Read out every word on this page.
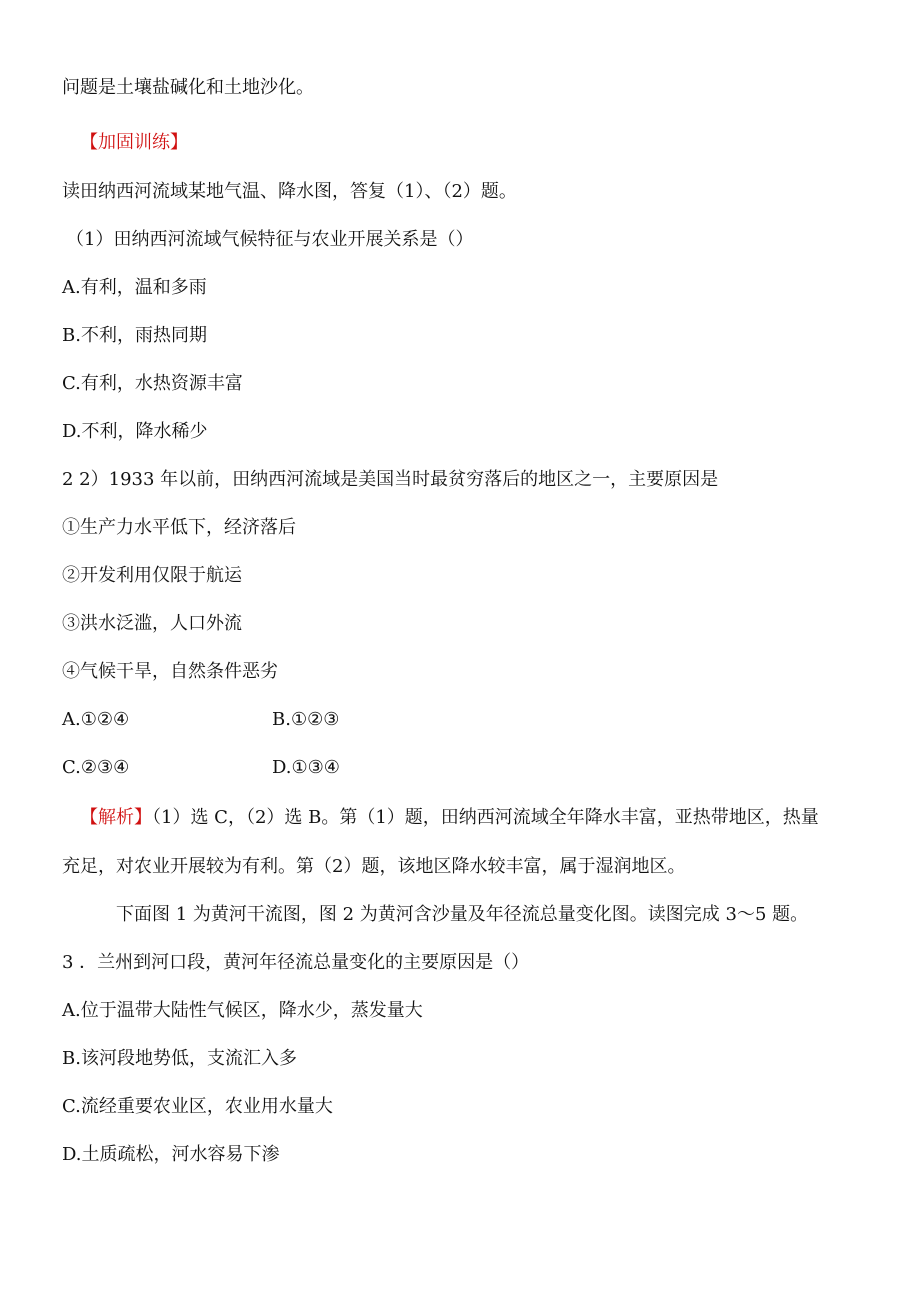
问题是土壤盐碱化和土地沙化。
【加固训练】
读田纳西河流域某地气温、降水图，答复（1）、（2）题。
（1）田纳西河流域气候特征与农业开展关系是（）
A.有利，温和多雨
B.不利，雨热同期
C.有利，水热资源丰富
D.不利，降水稀少
2 2）1933 年以前，田纳西河流域是美国当时最贫穷落后的地区之一，主要原因是
①生产力水平低下，经济落后
②开发利用仅限于航运
③洪水泛滥，人口外流
④气候干旱，自然条件恶劣
A.①②④	B.①②③
C.②③④	D.①③④
【解析】（1）选 C，（2）选 B。第（1）题，田纳西河流域全年降水丰富，亚热带地区，热量
充足，对农业开展较为有利。第（2）题，该地区降水较丰富，属于湿润地区。
下面图 1 为黄河干流图，图 2 为黄河含沙量及年径流总量变化图。读图完成 3～5 题。
3 ．兰州到河口段，黄河年径流总量变化的主要原因是（）
A.位于温带大陆性气候区，降水少，蒸发量大
B.该河段地势低，支流汇入多
C.流经重要农业区，农业用水量大
D.土质疏松，河水容易下渗
